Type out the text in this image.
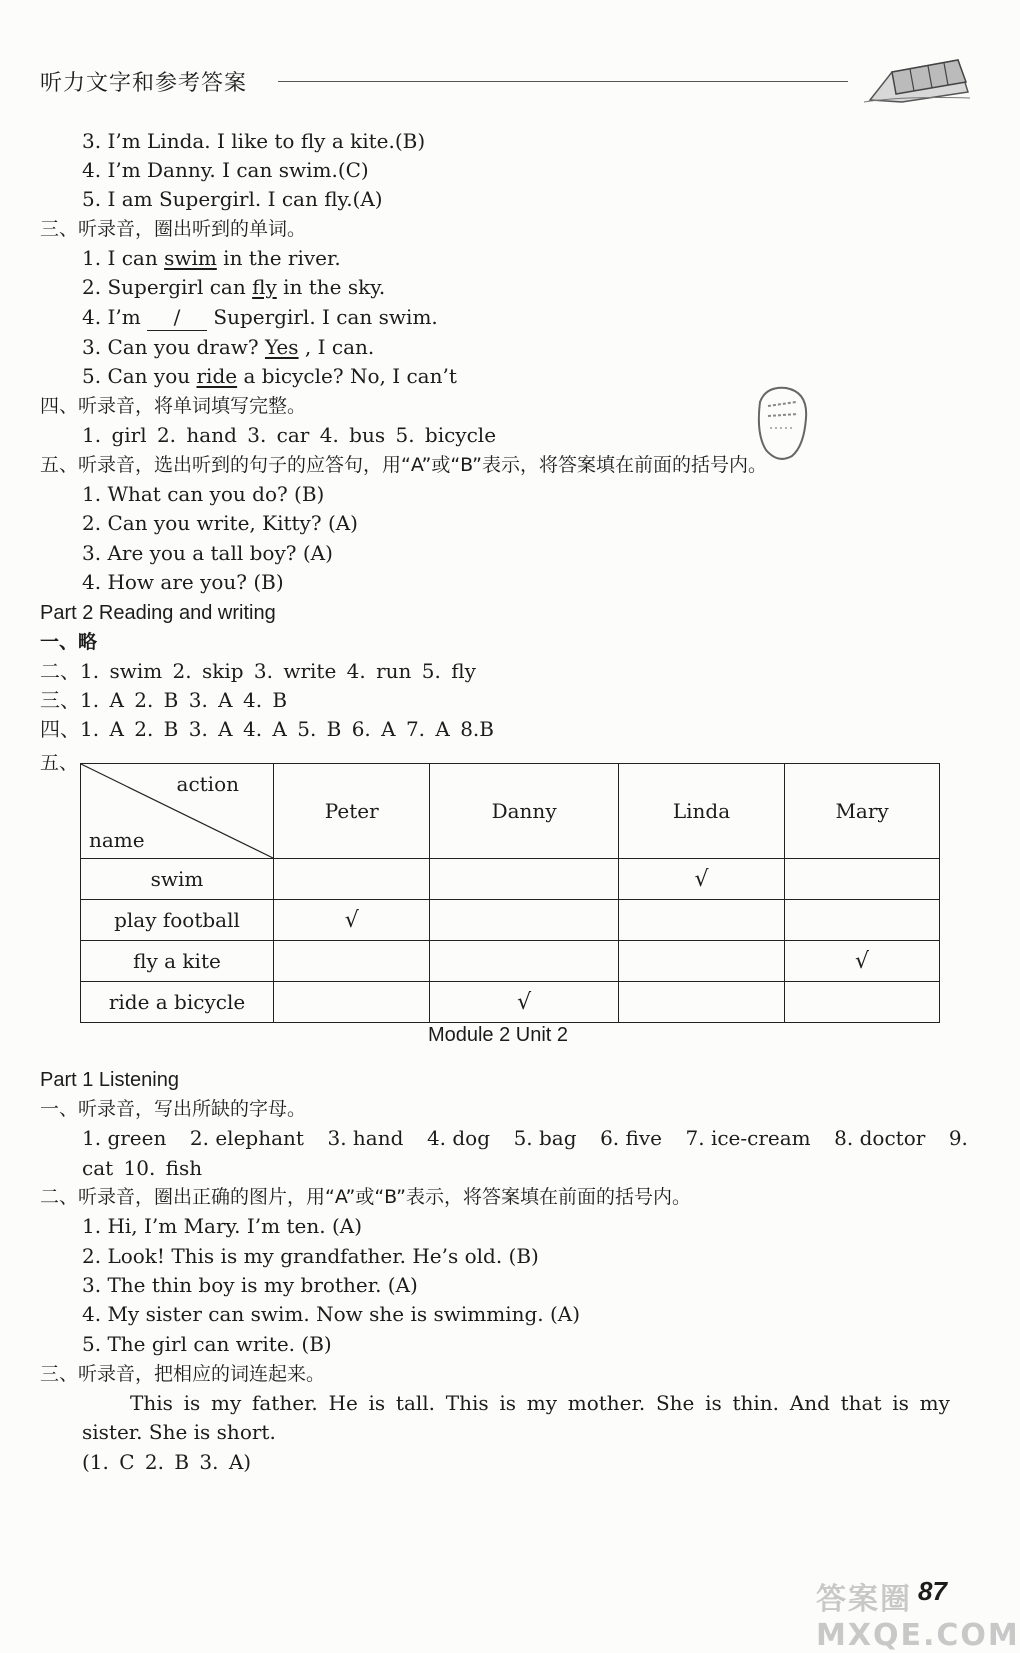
听力文字和参考答案
3. I’m Linda. I like to fly a kite.(B)
4. I’m Danny. I can swim.(C)
5. I am Supergirl. I can fly.(A)
三、听录音，圈出听到的单词。
1. I can swim in the river.
2. Supergirl can fly in the sky.
4. I’m / Supergirl. I can swim.
3. Can you draw? Yes , I can.
5. Can you ride a bicycle? No, I can’t
四、听录音，将单词填写完整。
1. girl 2. hand 3. car 4. bus 5. bicycle
五、听录音，选出听到的句子的应答句，用“A”或“B”表示，将答案填在前面的括号内。
1. What can you do? (B)
2. Can you write, Kitty? (A)
3. Are you a tall boy? (A)
4. How are you? (B)
Part 2 Reading and writing
一、略
二、1. swim 2. skip 3. write 4. run 5. fly
三、1. A 2. B 3. A 4. B
四、1. A 2. B 3. A 4. A 5. B 6. A 7. A 8.B
五、
action
name	Peter	Danny	Linda	Mary
swim			√	
play football	√			
fly a kite				√
ride a bicycle		√		
Module 2 Unit 2
Part 1 Listening
一、听录音，写出所缺的字母。
1. green 2. elephant 3. hand 4. dog 5. bag 6. five 7. ice-cream 8. doctor 9.
cat 10. fish
二、听录音，圈出正确的图片，用“A”或“B”表示，将答案填在前面的括号内。
1. Hi, I’m Mary. I’m ten. (A)
2. Look! This is my grandfather. He’s old. (B)
3. The thin boy is my brother. (A)
4. My sister can swim. Now she is swimming. (A)
5. The girl can write. (B)
三、听录音，把相应的词连起来。
This is my father. He is tall. This is my mother. She is thin. And that is my
sister. She is short.
(1. C 2. B 3. A)
答案圈 MXQE.COM
87
